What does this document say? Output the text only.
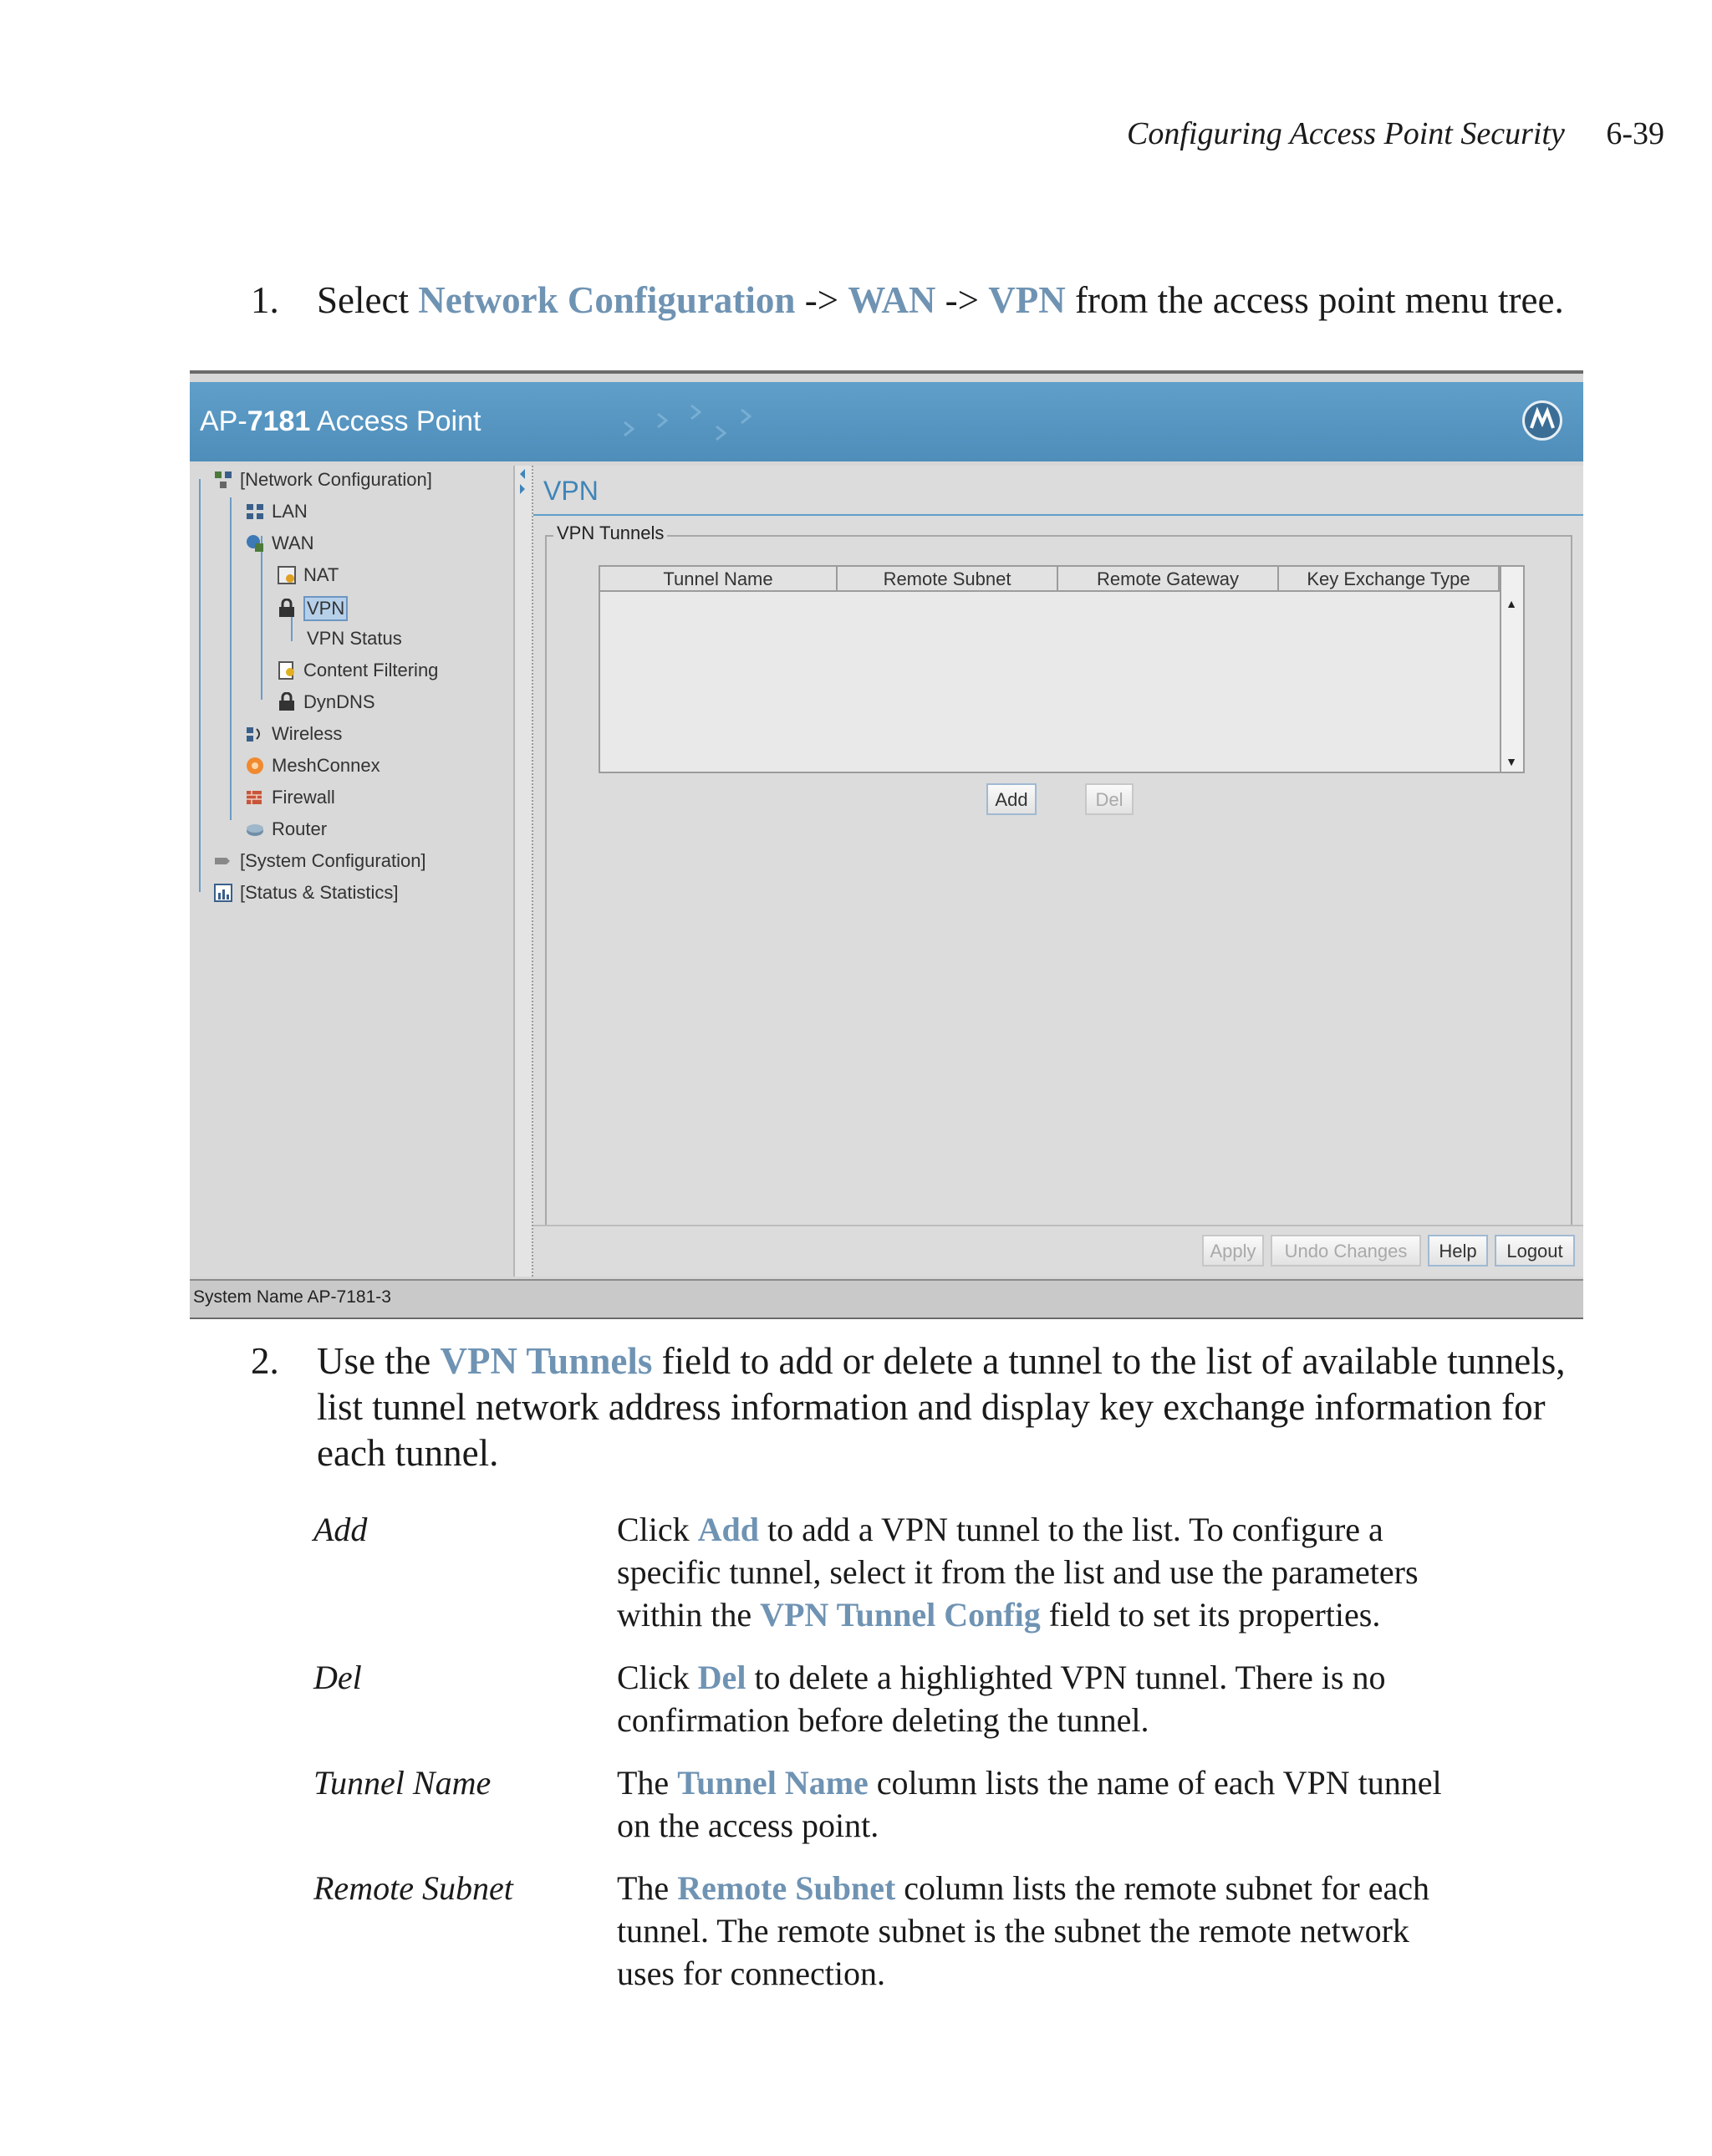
Configuring Access Point Security 6-39
1.	Select Network Configuration -> WAN -> VPN from the access point menu tree.
AP-7181 Access Point
[Network Configuration]
LAN
WAN
NAT
VPN
VPN Status
Content Filtering
DynDNS
Wireless
MeshConnex
Firewall
Router
[System Configuration]
[Status & Statistics]
VPN
VPN Tunnels
Tunnel Name	Remote Subnet	Remote Gateway	Key Exchange Type
▲
▼
Add	Del
Apply	Undo Changes	Help	Logout
System Name AP-7181-3
2.	Use the VPN Tunnels field to add or delete a tunnel to the list of available tunnels, list tunnel network address information and display key exchange information for each tunnel.
Add	Click Add to add a VPN tunnel to the list. To configure a specific tunnel, select it from the list and use the parameters within the VPN Tunnel Config field to set its properties.
Del	Click Del to delete a highlighted VPN tunnel. There is no confirmation before deleting the tunnel.
Tunnel Name	The Tunnel Name column lists the name of each VPN tunnel on the access point.
Remote Subnet	The Remote Subnet column lists the remote subnet for each tunnel. The remote subnet is the subnet the remote network uses for connection.
